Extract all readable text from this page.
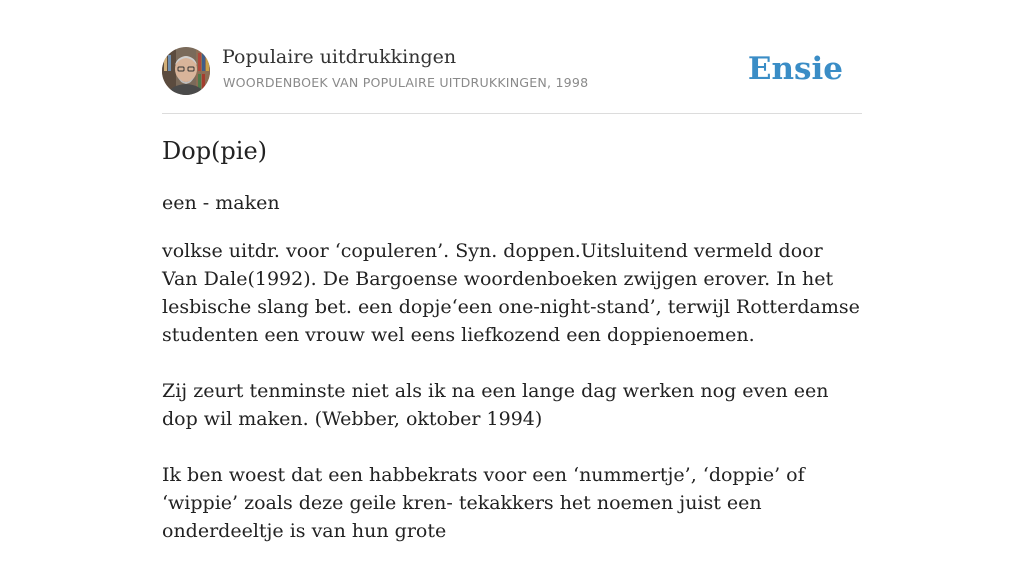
Populaire uitdrukkingen
WOORDENBOEK VAN POPULAIRE UITDRUKKINGEN, 1998	Ensie
Dop(pie)
een - maken

volkse uitdr. voor ‘copuleren’. Syn. doppen.Uitsluitend vermeld door Van Dale(1992). De Bargoense woordenboeken zwijgen erover. In het lesbische slang bet. een dopje‘een one-night-stand’, terwijl Rotterdamse studenten een vrouw wel eens liefkozend een doppienoemen.

Zij zeurt tenminste niet als ik na een lange dag werken nog even een dop wil maken. (Webber, oktober 1994)

Ik ben woest dat een habbekrats voor een ‘nummertje’, ‘doppie’ of ‘wippie’ zoals deze geile kren- tekakkers het noemen juist een onderdeeltje is van hun grote
